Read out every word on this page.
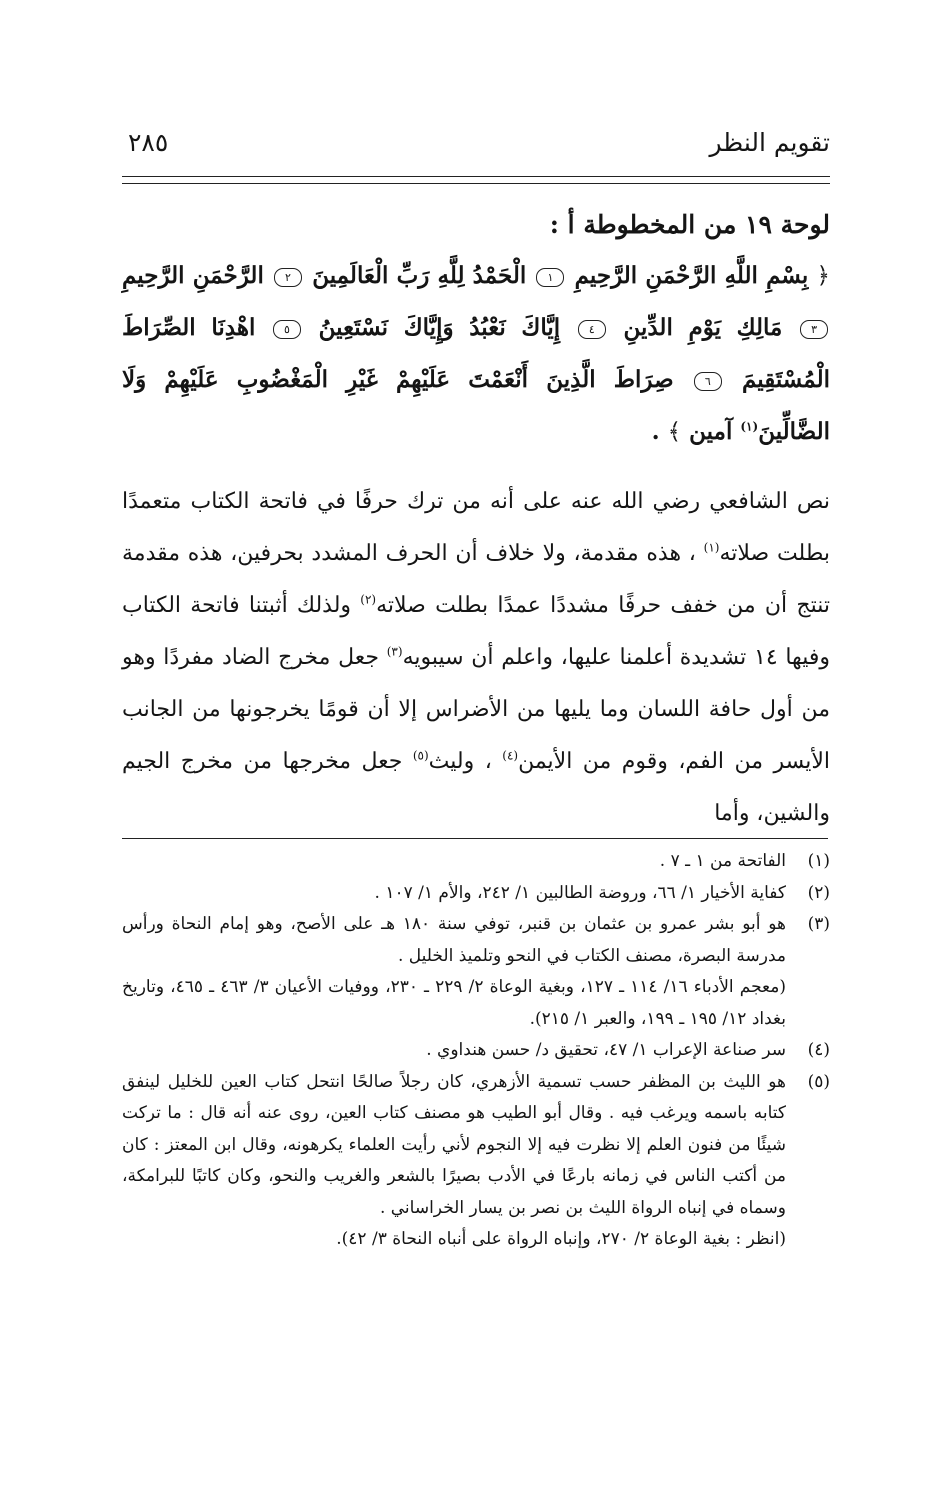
تقويم النظر
٢٨٥

لوحة ١٩ من المخطوطة أ :

﴿ بِسْمِ اللَّهِ الرَّحْمَنِ الرَّحِيمِ ١ الْحَمْدُ لِلَّهِ رَبِّ الْعَالَمِينَ ٢ الرَّحْمَنِ الرَّحِيمِ ٣ مَالِكِ يَوْمِ الدِّينِ ٤ إِيَّاكَ نَعْبُدُ وَإِيَّاكَ نَسْتَعِينُ ٥ اهْدِنَا الصِّرَاطَ الْمُسْتَقِيمَ ٦ صِرَاطَ الَّذِينَ أَنْعَمْتَ عَلَيْهِمْ غَيْرِ الْمَغْضُوبِ عَلَيْهِمْ وَلَا الضَّالِّينَ$^{(١)}$ آمين ﴾ .

نص الشافعي رضي الله عنه على أنه من ترك حرفًا في فاتحة الكتاب متعمدًا بطلت صلاته$^{(١)}$ ، هذه مقدمة، ولا خلاف أن الحرف المشدد بحرفين، هذه مقدمة تنتج أن من خفف حرفًا مشددًا عمدًا بطلت صلاته$^{(٢)}$ ولذلك أثبتنا فاتحة الكتاب وفيها ١٤ تشديدة أعلمنا عليها، واعلم أن سيبويه$^{(٣)}$ جعل مخرج الضاد مفردًا وهو من أول حافة اللسان وما يليها من الأضراس إلا أن قومًا يخرجونها من الجانب الأيسر من الفم، وقوم من الأيمن$^{(٤)}$ ، وليث$^{(٥)}$ جعل مخرجها من مخرج الجيم والشين، وأما

(١)

الفاتحة من ١ ـ ٧ .

(٢)

كفاية الأخيار ١/ ٦٦، وروضة الطالبين ١/ ٢٤٢، والأم ١/ ١٠٧ .

(٣)

هو أبو بشر عمرو بن عثمان بن قنبر، توفي سنة ١٨٠ هـ على الأصح، وهو إمام النحاة ورأس مدرسة البصرة، مصنف الكتاب في النحو وتلميذ الخليل .

(معجم الأدباء ١٦/ ١١٤ ـ ١٢٧، وبغية الوعاة ٢/ ٢٢٩ ـ ٢٣٠، ووفيات الأعيان ٣/ ٤٦٣ ـ ٤٦٥، وتاريخ بغداد ١٢/ ١٩٥ ـ ١٩٩، والعبر ١/ ٢١٥).

(٤)

سر صناعة الإعراب ١/ ٤٧، تحقيق د/ حسن هنداوي .

(٥)

هو الليث بن المظفر حسب تسمية الأزهري، كان رجلاً صالحًا انتحل كتاب العين للخليل لينفق كتابه باسمه ويرغب فيه . وقال أبو الطيب هو مصنف كتاب العين، روى عنه أنه قال : ما تركت شيئًا من فنون العلم إلا نظرت فيه إلا النجوم لأني رأيت العلماء يكرهونه، وقال ابن المعتز : كان من أكتب الناس في زمانه بارعًا في الأدب بصيرًا بالشعر والغريب والنحو، وكان كاتبًا للبرامكة، وسماه في إنباه الرواة الليث بن نصر بن يسار الخراساني .

(انظر : بغية الوعاة ٢/ ٢٧٠، وإنباه الرواة على أنباه النحاة ٣/ ٤٢).
